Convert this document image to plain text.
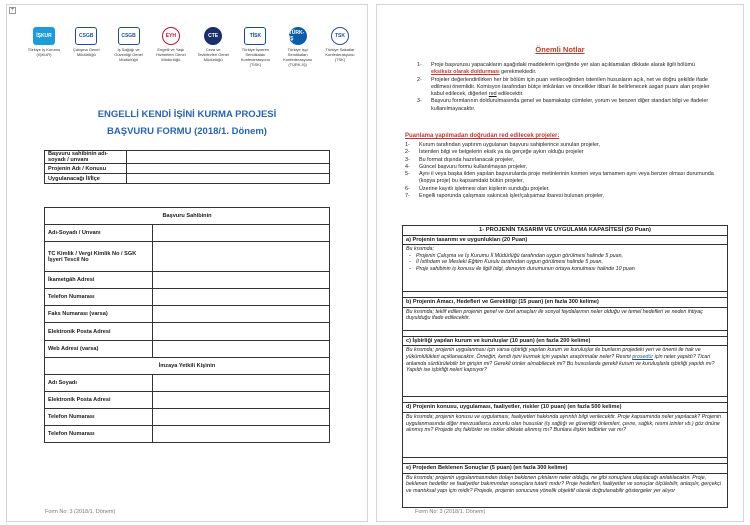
+
İŞKUR
Türkiye İş Kurumu (İŞKUR)
CSGB
Çalışma Genel Müdürlüğü
CSGB
İş Sağlığı ve Güvenliği Genel Müdürlüğü
EYH
Engelli ve Yaşlı Hizmetleri Genel Müdürlüğü
CTE
Ceza ve Tevkifevleri Genel Müdürlüğü
TİSK
Türkiye İşveren Sendikaları Konfederasyonu (TİSK)
TÜRK-İŞ
Türkiye İşçi Sendikaları Konfederasyonu (TÜRK-İŞ)
TSK
Türkiye Sakatlar Konfederasyonu (TSK)
ENGELLİ KENDİ İŞİNİ KURMA PROJESİ
BAŞVURU FORMU (2018/1. Dönem)
Başvuru sahibinin adı-soyadı / unvanı	
Projenin Adı / Konusu	
Uygulanacağı İl/İlçe	
Başvuru Sahibinin	
Adı-Soyadı / Unvanı	
TC Kimlik / Vergi Kimlik No / SGK İşyeri Tescil No	
İkametgâh Adresi	
Telefon Numarası	
Faks Numarası (varsa)	
Elektronik Posta Adresi	
Web Adresi (varsa)	
İmzaya Yetkili Kişinin	
Adı Soyadı	
Elektronik Posta Adresi	
Telefon Numarası	
Telefon Numarası	
Form No: 3 (2018/1. Dönem)
Önemli Notlar
1- Proje başvurusu yapacakların aşağıdaki maddelerin içeriğinde yer alan açıklamaları dikkate alarak ilgili bölümü eksiksiz olarak doldurması gerekmektedir.
2- Projeler değerlendirilirken her bir bölüm için puan verileceğinden istenilen hususların açık, net ve doğru şekilde ifade edilmesi önemlidir. Komisyon tarafından bütçe imkânları ve öncelikler itibari ile belirlenecek asgari puanı alan projeler kabul edilecek, diğerleri red edilecektir.
3- Başvuru formlarının doldurulmasında genel ve basmakalıp cümleler, yorum ve benzeri diğer standart bilgi ve ifadeler kullanılmayacaktır.
Puanlama yapılmadan doğrudan red edilecek projeler:
1- Kurum tarafından yaptırım uygulanan başvuru sahiplerince sunulan projeler,
2- İstenilen bilgi ve belgelerin eksik ya da gerçeğe aykırı olduğu projeler
3- Bu format dışında hazırlanacak projeler,
4- Güncel başvuru formu kullanılmayan projeler,
5- Aynı il veya başka ilden yapılan başvurularda proje metinlerinin kısmen veya tamamen aynı veya benzer olması durumunda (kopya proje) bu kapsamdaki bütün projeler,
6- Üzerine kayıtlı işletmesi olan kişilerin sunduğu projeler.
7- Engelli raporunda çalışması sakıncalı işler/çalışamaz ibaresi bulunan projeler,
1- PROJENİN TASARIM VE UYGULAMA KAPASİTESİ (50 Puan)
a) Projenin tasarımı ve uygunlukları (20 Puan)
Bu kısımda;
- Projenin Çalışma ve İş Kurumu İl Müdürlüğü tarafından uygun görülmesi halinde 5 puan,
- İl İstihdam ve Mesleki Eğitim Kurulu tarafından uygun görülmesi halinde 5 puan,
- Proje sahibinin iş konusu ile ilgili bilgi, deneyim durumunun ortaya konulması halinde 10 puan
b) Projenin Amacı, Hedefleri ve Gerekliliği (15 puan) (en fazla 300 kelime)
Bu kısımda; teklif edilen projenin genel ve özel amaçları ile sosyal faydalarının neler olduğu ve temel hedefleri ve neden ihtiyaç duyulduğu ifade edilecektir.
c) İşbirliği yapılan kurum ve kuruluşlar (10 puan) (en fazla 200 kelime)
Bu kısımda; projenin uygulanması için varsa işbirliği yapılan kurum ve kuruluşlar ile bunların projedeki yeri ve önemi ile hak ve yükümlülükleri açıklanacaktır. Örneğin, kendi işini kurmak için yapılan araştırmalar neler? Resmi prosedür için neler yapıldı? Ticari anlamda sürdürülebilir bir girişim mi? Gerekli izinler alınabilecek mi? Bu hususlarda gerekli kurum ve kuruluşlarla işbirliği yapıldı mı? Yapıldı ise işbirliği neleri kapsıyor?
d) Projenin konusu, uygulaması, faaliyetler, riskler (10 puan) (en fazla 500 kelime)
Bu kısımda; projenin konusu ve uygulaması, faaliyetleri hakkında ayrıntılı bilgi verilecektir. Proje kapsamında neler yapılacak? Projenin uygulanmasında diğer mevzuatlarca zorunlu olan hususlar (iş sağlığı ve güvenliği önlemleri, çevre, sağlık, resmi izinler vb.) göz önüne alınmış mı? Projede dış faktörler ve riskler dikkate alınmış mı? Bunlara ilişkin tedbirler var mı?
e) Projeden Beklenen Sonuçlar (5 puan) (en fazla 300 kelime)
Bu kısımda; projenin uygulanmasından dolayı beklenen çıktıların neler olduğu, ne gibi sonuçlara ulaşılacağı anlatılacaktır. Proje, beklenen hedefler ve faaliyetler bakımından sonuçlara tutarlı mıdır? Proje hedefleri, faaliyetler ve sonuçlar ölçülebilir, anlaşılır, gerçekçi ve mantıksal yapı için midir? Projede, projenin sonucuna yönelik objektif olarak doğrulanabilir göstergeler yer alıyor
Form No: 3 (2018/1. Dönem)
